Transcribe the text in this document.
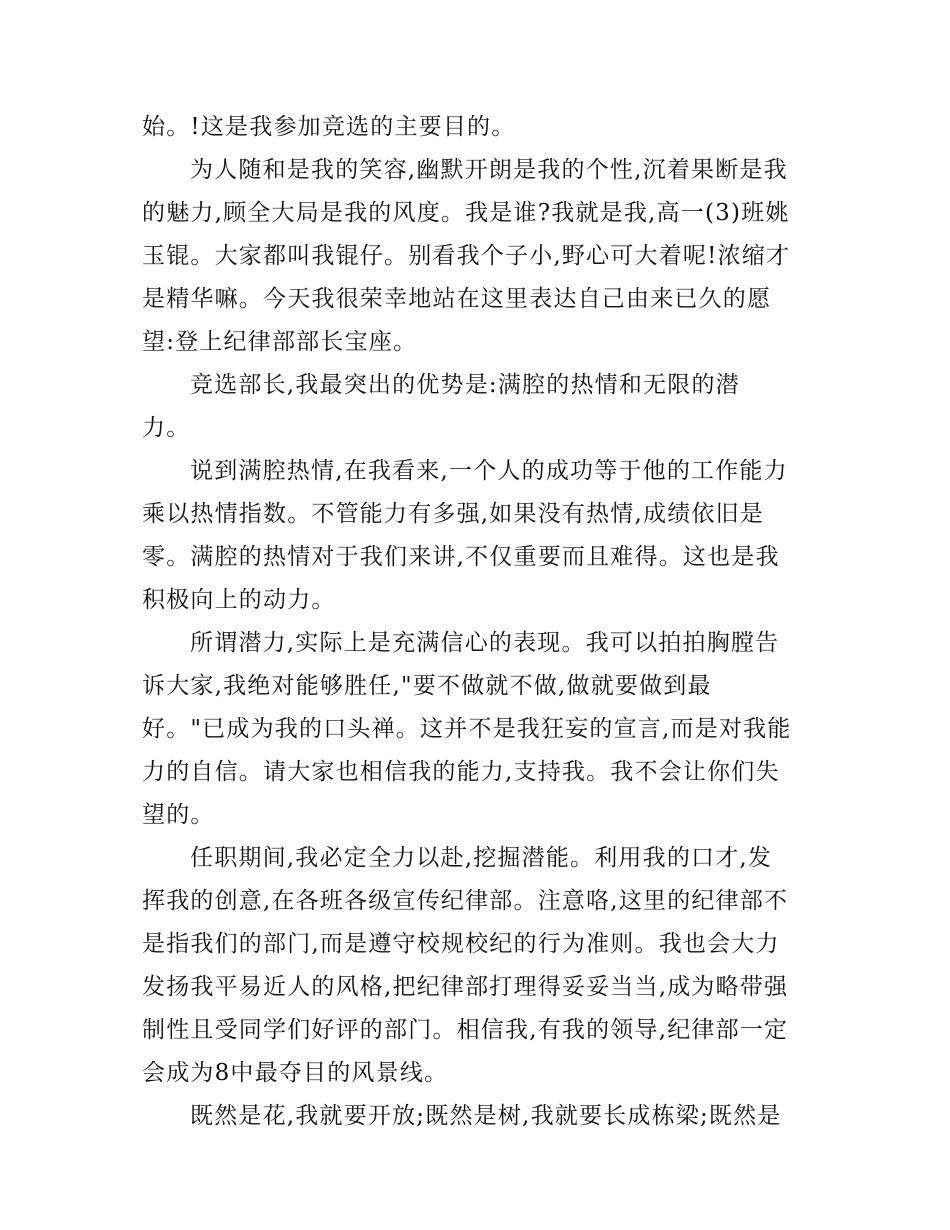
始。!这是我参加竞选的主要目的。
为人随和是我的笑容,幽默开朗是我的个性,沉着果断是我
的魅力,顾全大局是我的风度。我是谁?我就是我,高一(3)班姚
玉锟。大家都叫我锟仔。别看我个子小,野心可大着呢!浓缩才
是精华嘛。今天我很荣幸地站在这里表达自己由来已久的愿
望:登上纪律部部长宝座。
竞选部长,我最突出的优势是:满腔的热情和无限的潜
力。
说到满腔热情,在我看来,一个人的成功等于他的工作能力
乘以热情指数。不管能力有多强,如果没有热情,成绩依旧是
零。满腔的热情对于我们来讲,不仅重要而且难得。这也是我
积极向上的动力。
所谓潜力,实际上是充满信心的表现。我可以拍拍胸膛告
诉大家,我绝对能够胜任,"要不做就不做,做就要做到最
好。"已成为我的口头禅。这并不是我狂妄的宣言,而是对我能
力的自信。请大家也相信我的能力,支持我。我不会让你们失
望的。
任职期间,我必定全力以赴,挖掘潜能。利用我的口才,发
挥我的创意,在各班各级宣传纪律部。注意咯,这里的纪律部不
是指我们的部门,而是遵守校规校纪的行为准则。我也会大力
发扬我平易近人的风格,把纪律部打理得妥妥当当,成为略带强
制性且受同学们好评的部门。相信我,有我的领导,纪律部一定
会成为8中最夺目的风景线。
既然是花,我就要开放;既然是树,我就要长成栋梁;既然是
